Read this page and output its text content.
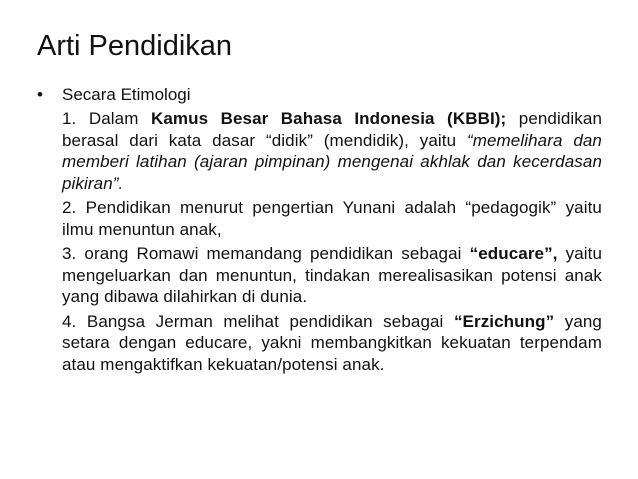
Arti Pendidikan
• Secara Etimologi

1. Dalam Kamus Besar Bahasa Indonesia (KBBI); pendidikan berasal dari kata dasar “didik” (mendidik), yaitu “memelihara dan memberi latihan (ajaran pimpinan) mengenai akhlak dan kecerdasan pikiran”.

2. Pendidikan menurut pengertian Yunani adalah “pedagogik” yaitu ilmu menuntun anak,

3. orang Romawi memandang pendidikan sebagai “educare”, yaitu mengeluarkan dan menuntun, tindakan merealisasikan potensi anak yang dibawa dilahirkan di dunia.

4. Bangsa Jerman melihat pendidikan sebagai “Erzichung” yang setara dengan educare, yakni membangkitkan kekuatan terpendam atau mengaktifkan kekuatan/potensi anak.
